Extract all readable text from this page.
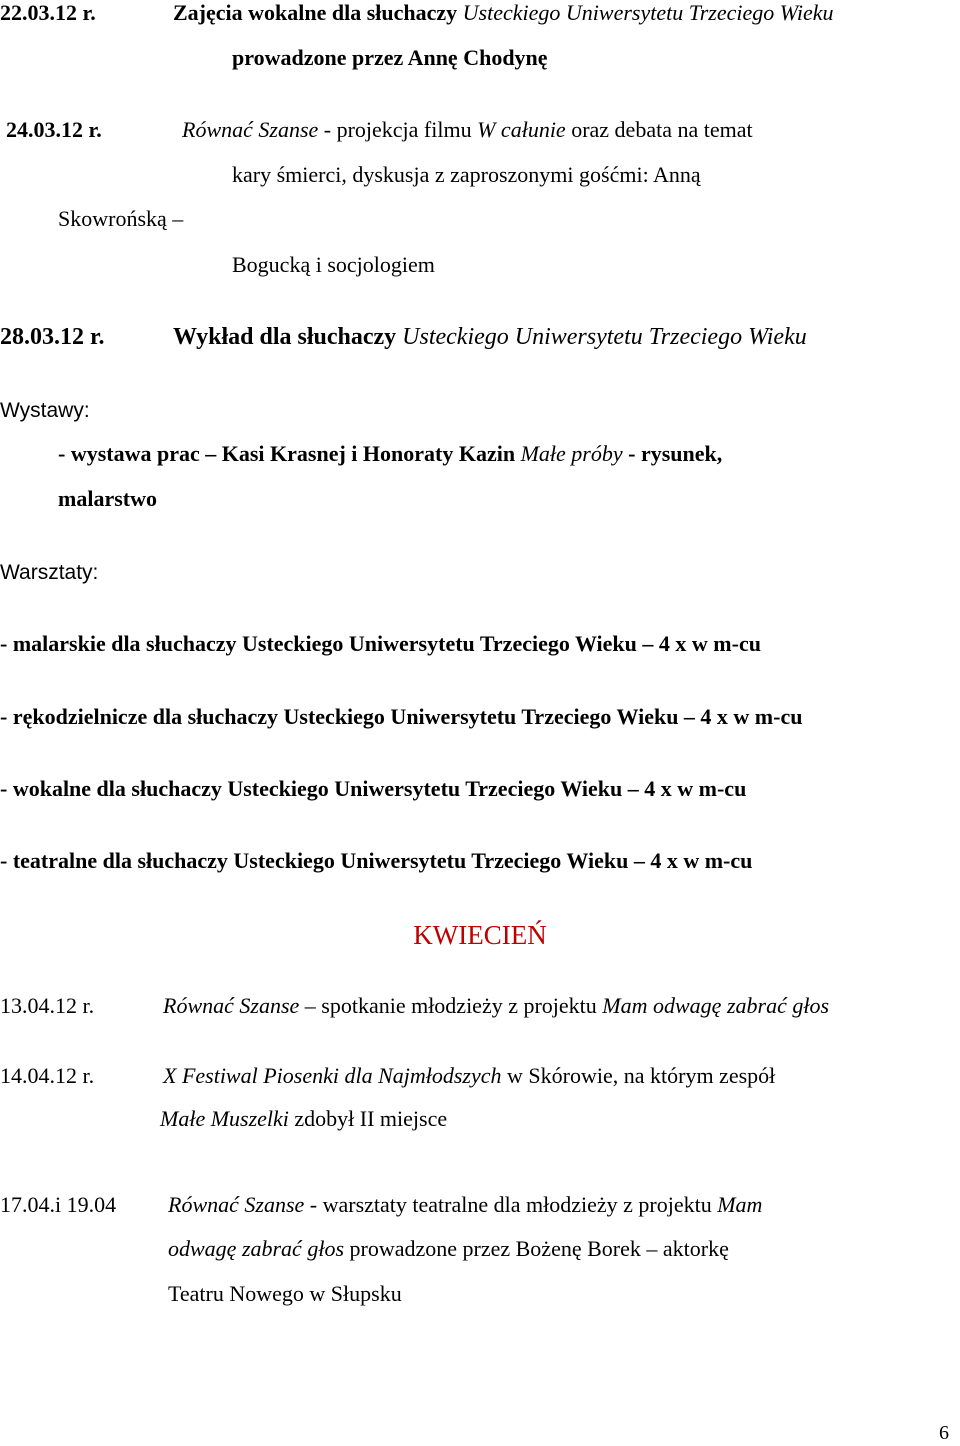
22.03.12 r.	Zajęcia wokalne dla słuchaczy Usteckiego Uniwersytetu Trzeciego Wieku
prowadzone przez Annę Chodynę
24.03.12 r.	Równać Szanse - projekcja filmu W całunie oraz debata na temat
kary śmierci, dyskusja z zaproszonymi gośćmi: Anną
Skowrońską –
Bogucką i socjologiem
28.03.12 r.	Wykład dla słuchaczy Usteckiego Uniwersytetu Trzeciego Wieku
Wystawy:
- wystawa prac – Kasi Krasnej i Honoraty Kazin Małe próby - rysunek,
malarstwo
Warsztaty:
- malarskie dla słuchaczy Usteckiego Uniwersytetu Trzeciego Wieku – 4 x w m-cu
- rękodzielnicze dla słuchaczy Usteckiego Uniwersytetu Trzeciego Wieku – 4 x w m-cu
- wokalne dla słuchaczy Usteckiego Uniwersytetu Trzeciego Wieku – 4 x w m-cu
- teatralne dla słuchaczy Usteckiego Uniwersytetu Trzeciego Wieku – 4 x w m-cu
KWIECIEŃ
13.04.12 r.	Równać Szanse – spotkanie młodzieży z projektu Mam odwagę zabrać głos
14.04.12 r.	X Festiwal Piosenki dla Najmłodszych w Skórowie, na którym zespół
Małe Muszelki zdobył II miejsce
17.04.i 19.04 Równać Szanse - warsztaty teatralne dla młodzieży z projektu Mam
odwagę zabrać głos prowadzone przez Bożenę Borek – aktorkę
Teatru Nowego w Słupsku
6
